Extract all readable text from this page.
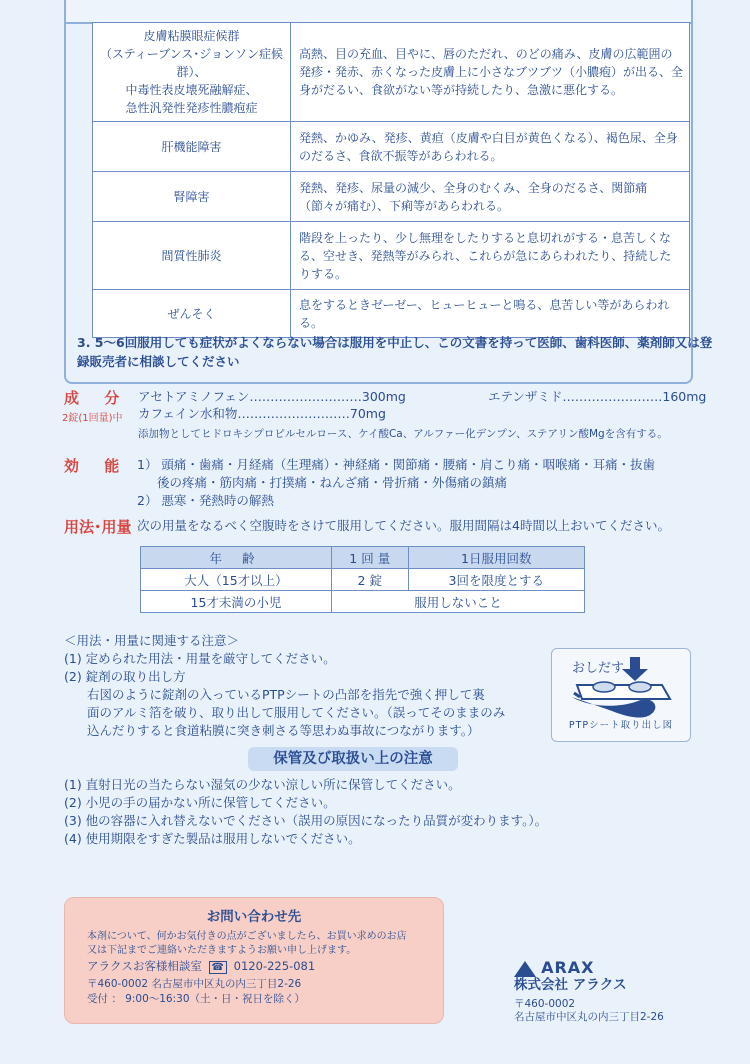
皮膚粘膜眼症候群
（スティーブンス･ジョンソン症候群）、
中毒性表皮壊死融解症、
急性汎発性発疹性膿疱症	高熱、目の充血、目やに、唇のただれ、のどの痛み、皮膚の広範囲の発疹・発赤、赤くなった皮膚上に小さなブツブツ（小膿疱）が出る、全身がだるい、食欲がない等が持続したり、急激に悪化する。
肝機能障害	発熱、かゆみ、発疹、黄疸（皮膚や白目が黄色くなる）、褐色尿、全身のだるさ、食欲不振等があらわれる。
腎障害	発熱、発疹、尿量の減少、全身のむくみ、全身のだるさ、関節痛（節々が痛む）、下痢等があらわれる。
間質性肺炎	階段を上ったり、少し無理をしたりすると息切れがする・息苦しくなる、空せき、発熱等がみられ、これらが急にあらわれたり、持続したりする。
ぜんそく	息をするときゼーゼー、ヒューヒューと鳴る、息苦しい等があらわれる。
3. 5～6回服用しても症状がよくならない場合は服用を中止し、この文書を持って医師、歯科医師、薬剤師又は登録販売者に相談してください
成 分
2錠(1回量)中
アセトアミノフェン………………………300mg	エテンザミド……………………160mg
カフェイン水和物………………………70mg
添加物としてヒドロキシプロピルセルロース、ケイ酸Ca、アルファー化デンプン、ステアリン酸Mgを含有する。
効 能 1） 頭痛・歯痛・月経痛（生理痛）・神経痛・関節痛・腰痛・肩こり痛・咽喉痛・耳痛・抜歯
後の疼痛・筋肉痛・打撲痛・ねんざ痛・骨折痛・外傷痛の鎮痛
2） 悪寒・発熱時の解熱
用法･用量 次の用量をなるべく空腹時をさけて服用してください。服用間隔は4時間以上おいてください。
年 齢	1 回 量	1日服用回数
大人（15才以上）	2 錠	3回を限度とする
15才未満の小児	服用しないこと	
＜用法・用量に関連する注意＞
(1) 定められた用法・用量を厳守してください。
(2) 錠剤の取り出し方
右図のように錠剤の入っているPTPシートの凸部を指先で強く押して裏
面のアルミ箔を破り、取り出して服用してください。（誤ってそのままのみ
込んだりすると食道粘膜に突き刺さる等思わぬ事故につながります。）
おしだす
PTPシート取り出し図
保管及び取扱い上の注意
(1) 直射日光の当たらない湿気の少ない涼しい所に保管してください。
(2) 小児の手の届かない所に保管してください。
(3) 他の容器に入れ替えないでください（誤用の原因になったり品質が変わります。）。
(4) 使用期限をすぎた製品は服用しないでください。
お問い合わせ先
本剤について、何かお気付きの点がございましたら、お買い求めのお店
又は下記までご連絡いただきますようお願い申し上げます。
アラクスお客様相談室 ☎ 0120-225-081
〒460-0002 名古屋市中区丸の内三丁目2-26
受付 ： 9:00～16:30（土・日・祝日を除く）
ARAX
株式会社 アラクス
〒460-0002
名古屋市中区丸の内三丁目2-26
